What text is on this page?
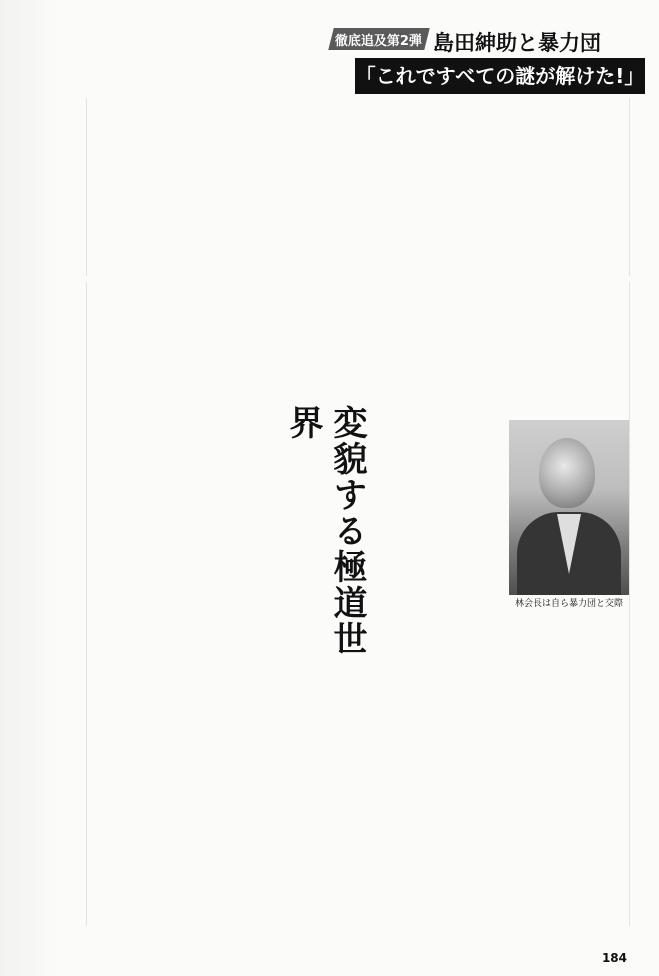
徹底追及第2弾 島田紳助と暴力団
「これですべての謎が解けた!」
変貌する極道世界
林会長は自ら暴力団と交際
184
